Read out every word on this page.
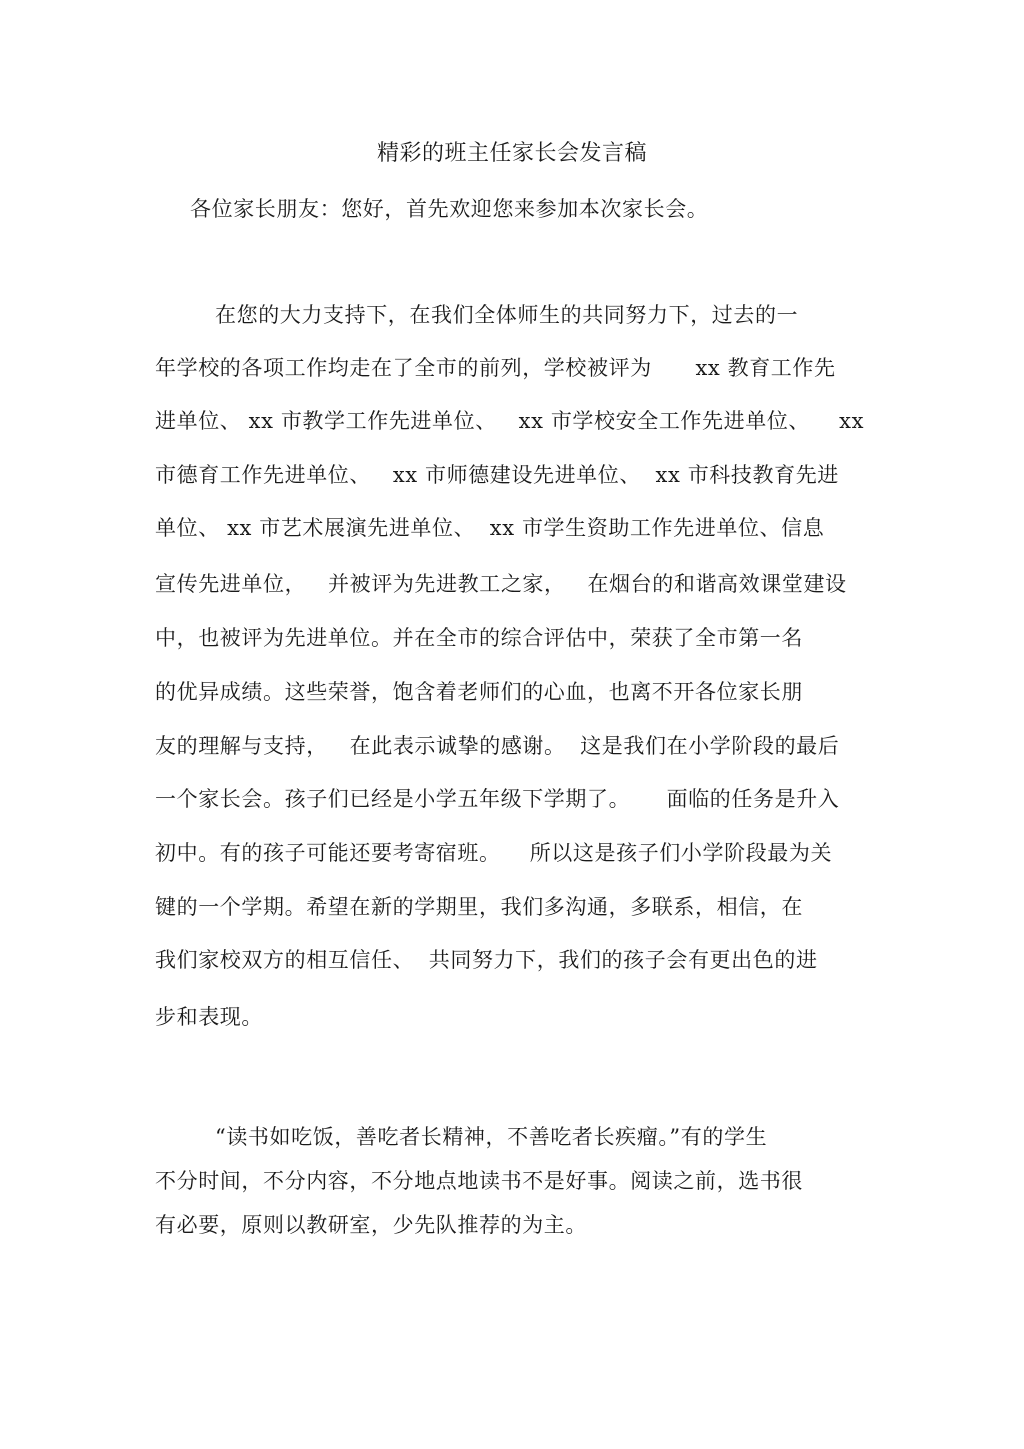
精彩的班主任家长会发言稿
各位家长朋友：您好，首先欢迎您来参加本次家长会。
在您的大力支持下，在我们全体师生的共同努力下，过去的一
年学校的各项工作均走在了全市的前列，学校被评为      xx 教育工作先
进单位、 xx 市教学工作先进单位、   xx 市学校安全工作先进单位、    xx
市德育工作先进单位、   xx 市师德建设先进单位、  xx 市科技教育先进
单位、 xx 市艺术展演先进单位、  xx 市学生资助工作先进单位、信息
宣传先进单位，   并被评为先进教工之家，   在烟台的和谐高效课堂建设
中，也被评为先进单位。并在全市的综合评估中，荣获了全市第一名
的优异成绩。这些荣誉，饱含着老师们的心血，也离不开各位家长朋
友的理解与支持，   在此表示诚挚的感谢。  这是我们在小学阶段的最后
一个家长会。孩子们已经是小学五年级下学期了。     面临的任务是升入
初中。有的孩子可能还要考寄宿班。    所以这是孩子们小学阶段最为关
键的一个学期。希望在新的学期里，我们多沟通，多联系，相信，在
我们家校双方的相互信任、  共同努力下，我们的孩子会有更出色的进
步和表现。
“读书如吃饭，善吃者长精神，不善吃者长疾瘤。”有的学生
不分时间，不分内容，不分地点地读书不是好事。阅读之前，选书很
有必要，原则以教研室，少先队推荐的为主。
